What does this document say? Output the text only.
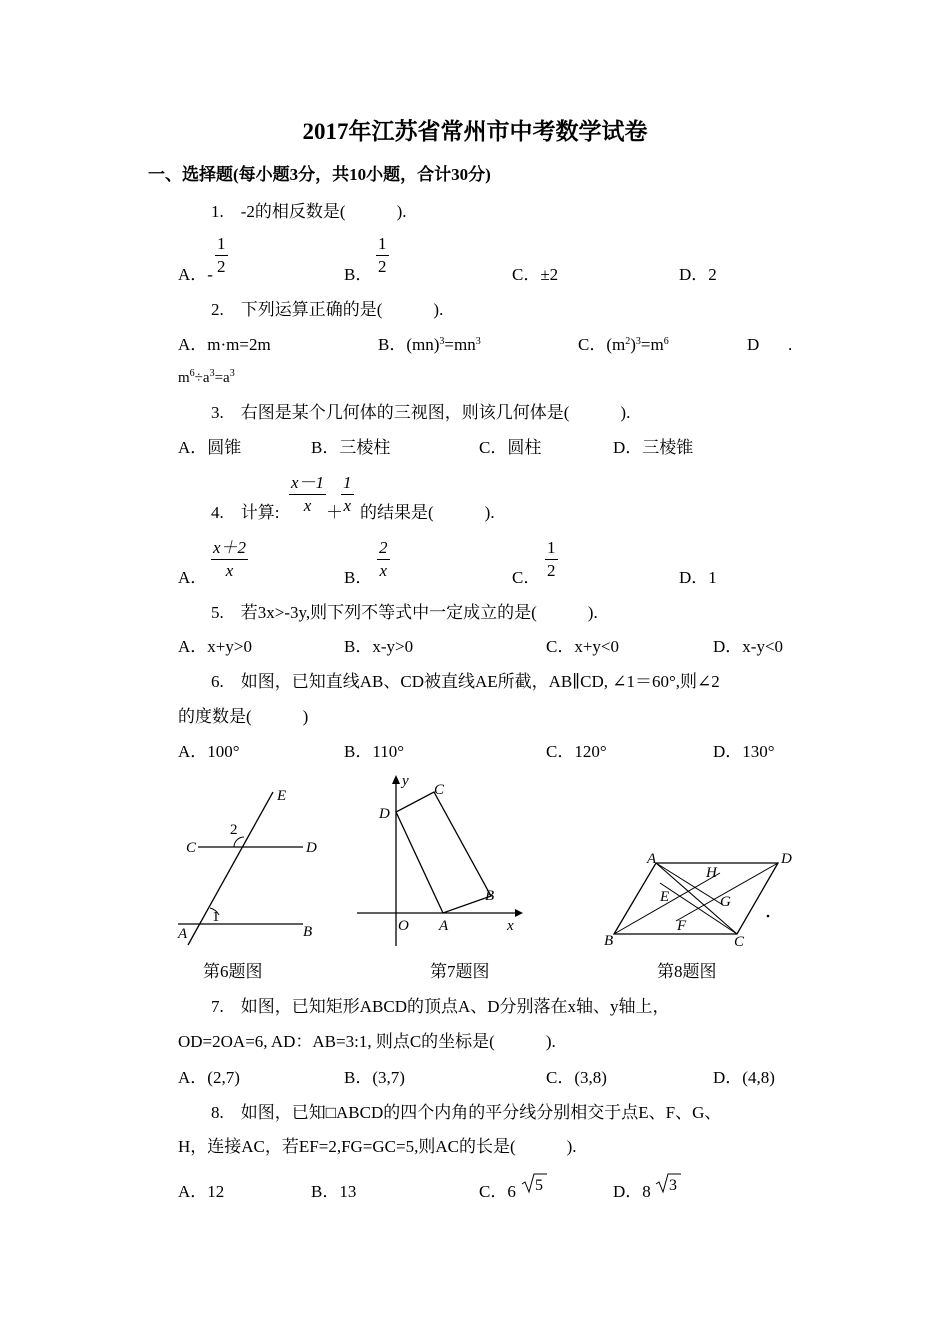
2017年江苏省常州市中考数学试卷
一、选择题(每小题3分，共10小题，合计30分)
1.　-2的相反数是(　　　).
A．-
1
2	B．
1
2	C．±2	D．2
2.　下列运算正确的是(　　　).
A．m·m=2m	B．$(mn)^3=mn^3$	C．$(m^2)^3=m^6$	D .
$m^6\div a^3=a^3$
3.　右图是某个几何体的三视图，则该几何体是(　　　).
A．圆锥	B．三棱柱	C．圆柱	D．三棱锥
4.　计算:
x－1
x ＋
1
x 的结果是(　　　).
A．
x＋2
x	B．
2
x	C．
1
2	D．1
5.　若3x>-3y,则下列不等式中一定成立的是(　　　).
A．x+y>0	B．x-y>0	C．x+y<0	D．x-y<0
6.　如图，已知直线AB、CD被直线AE所截，AB∥CD, ∠1＝60°,则∠2
的度数是(　　　)
A．100°	B．110°	C．120°	D．130°
E
C	D
A	B
1
2
第6题图
y
C
D
B
O A	x
第7题图
A	D
H
E	G
F
B	C
第8题图
7.　如图，已知矩形ABCD的顶点A、D分别落在x轴、y轴上，
OD=2OA=6, AD：AB=3:1, 则点C的坐标是(　　　).
A．(2,7)	B．(3,7)	C．(3,8)	D．(4,8)
8.　如图，已知□ABCD的四个内角的平分线分别相交于点E、F、G、
H，连接AC，若EF=2,FG=GC=5,则AC的长是(　　　).
A．12	B．13	C．6 5	D．8 3
